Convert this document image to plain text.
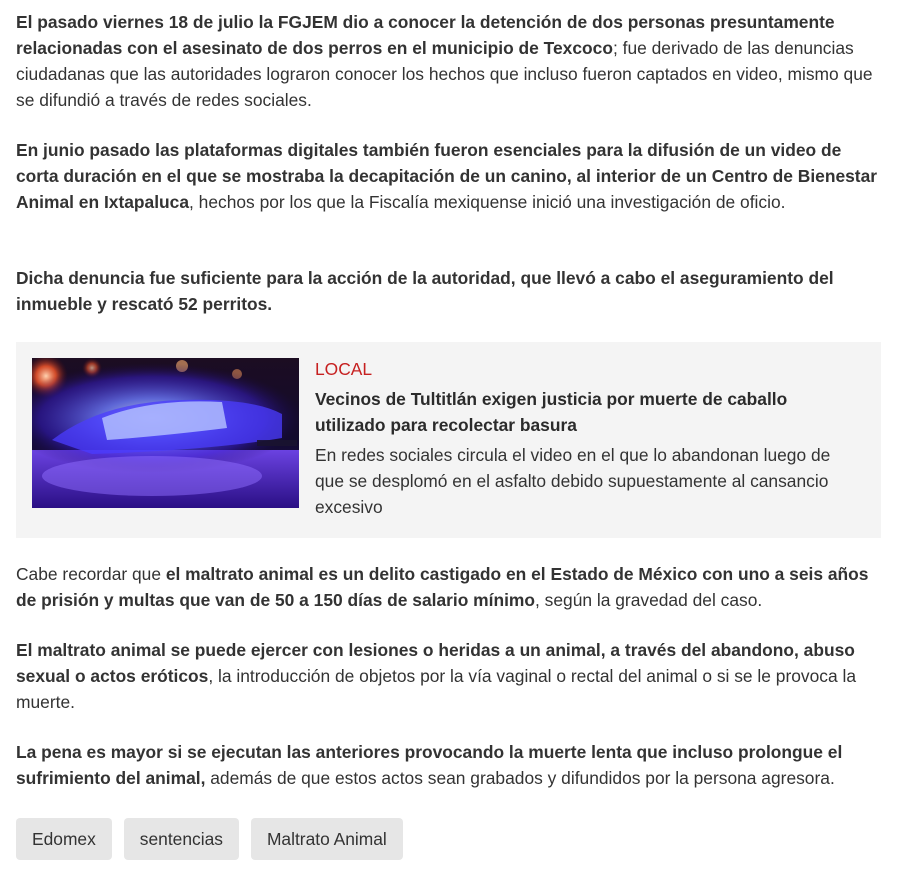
El pasado viernes 18 de julio la FGJEM dio a conocer la detención de dos personas presuntamente relacionadas con el asesinato de dos perros en el municipio de Texcoco; fue derivado de las denuncias ciudadanas que las autoridades lograron conocer los hechos que incluso fueron captados en video, mismo que se difundió a través de redes sociales.

En junio pasado las plataformas digitales también fueron esenciales para la difusión de un video de corta duración en el que se mostraba la decapitación de un canino, al interior de un Centro de Bienestar Animal en Ixtapaluca, hechos por los que la Fiscalía mexiquense inició una investigación de oficio.

Dicha denuncia fue suficiente para la acción de la autoridad, que llevó a cabo el aseguramiento del inmueble y rescató 52 perritos.

LOCAL
Vecinos de Tultitlán exigen justicia por muerte de caballo utilizado para recolectar basura
En redes sociales circula el video en el que lo abandonan luego de que se desplomó en el asfalto debido supuestamente al cansancio excesivo

Cabe recordar que el maltrato animal es un delito castigado en el Estado de México con uno a seis años de prisión y multas que van de 50 a 150 días de salario mínimo, según la gravedad del caso.

El maltrato animal se puede ejercer con lesiones o heridas a un animal, a través del abandono, abuso sexual o actos eróticos, la introducción de objetos por la vía vaginal o rectal del animal o si se le provoca la muerte.

La pena es mayor si se ejecutan las anteriores provocando la muerte lenta que incluso prolongue el sufrimiento del animal, además de que estos actos sean grabados y difundidos por la persona agresora.

Edomex	sentencias	Maltrato Animal
